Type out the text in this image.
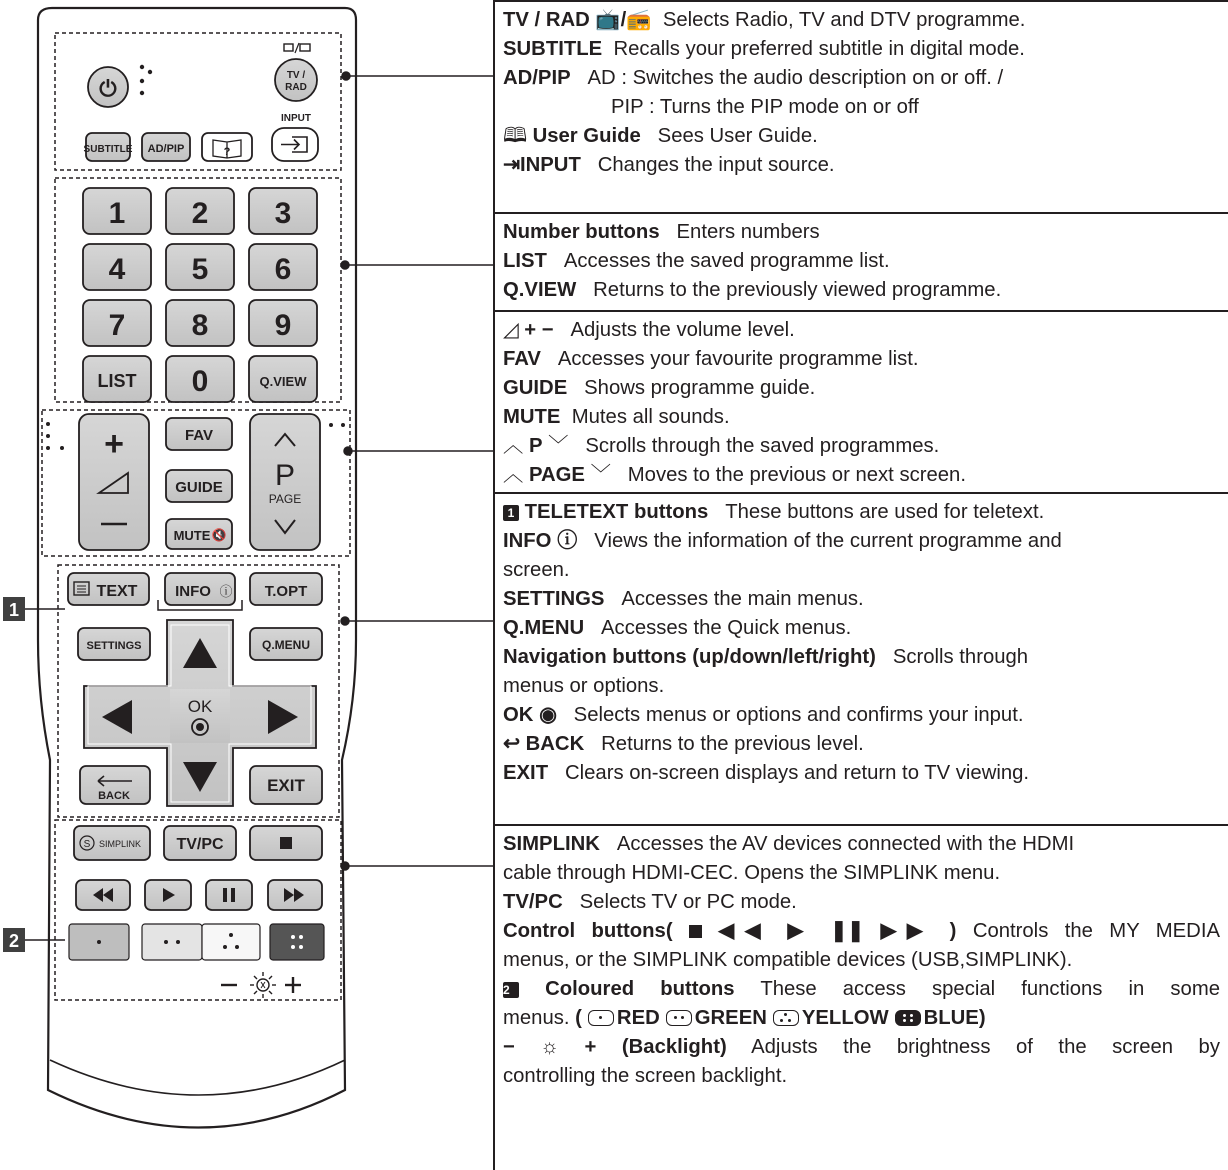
1
2
⏻
TV /
RAD
INPUT
SUBTITLE AD/PIP	?
1 2 3
4 5 6
7 8 9
LIST 0	Q.VIEW
+	FAV
GUIDE
MUTE 🔇
P
PAGE
TEXT	INFO ⓘ T.OPT
SETTINGS	Q.MENU
OK
BACK
EXIT
S SIMPLINK TV/PC
TV / RAD 📺/📻 Selects Radio, TV and DTV programme.
SUBTITLE Recalls your preferred subtitle in digital mode.
AD/PIP AD : Switches the audio description on or off. /
PIP : Turns the PIP mode on or off
🕮 User Guide Sees User Guide.
⇥INPUT Changes the input source.
Number buttons Enters numbers
LIST Accesses the saved programme list.
Q.VIEW Returns to the previously viewed programme.
◿ + − Adjusts the volume level.
FAV Accesses your favourite programme list.
GUIDE Shows programme guide.
MUTE Mutes all sounds.
︿ P ﹀ Scrolls through the saved programmes.
︿ PAGE ﹀ Moves to the previous or next screen.
1 TELETEXT buttons These buttons are used for teletext.
INFO ⓘ Views the information of the current programme and
screen.
SETTINGS Accesses the main menus.
Q.MENU Accesses the Quick menus.
Navigation buttons (up/down/left/right) Scrolls through
menus or options.
OK ◉ Selects menus or options and confirms your input.
↩ BACK Returns to the previous level.
EXIT Clears on-screen displays and return to TV viewing.
SIMPLINK Accesses the AV devices connected with the HDMI
cable through HDMI-CEC. Opens the SIMPLINK menu.
TV/PC Selects TV or PC mode.
Control buttons(  ◀◀ ▶ ❚❚ ▶▶ ) Controls the MY MEDIA
menus, or the SIMPLINK compatible devices (USB,SIMPLINK).
2 Coloured buttons These access special functions in some
menus. ( RED GREEN YELLOW BLUE)
− ☼ + (Backlight) Adjusts the brightness of the screen by
controlling the screen backlight.
